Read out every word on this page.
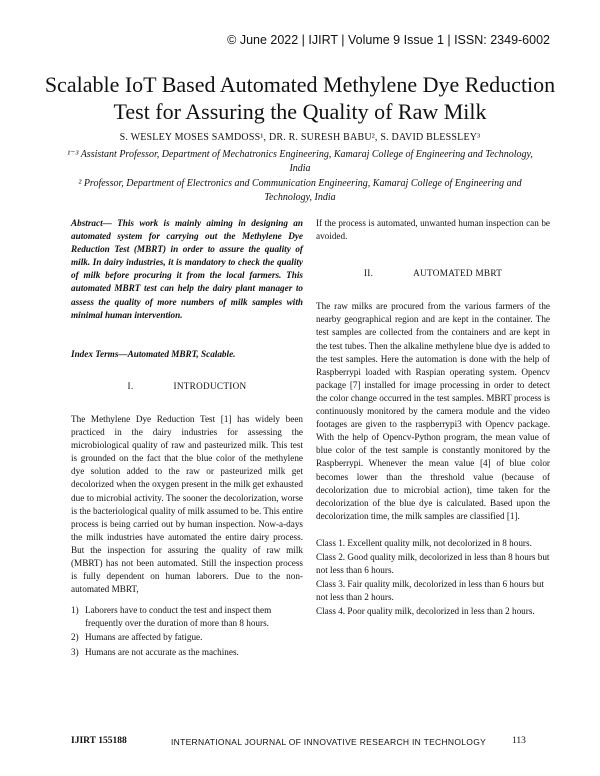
© June 2022 | IJIRT | Volume 9 Issue 1 | ISSN: 2349-6002
Scalable IoT Based Automated Methylene Dye Reduction
Test for Assuring the Quality of Raw Milk
S. WESLEY MOSES SAMDOSS¹, DR. R. SURESH BABU², S. DAVID BLESSLEY³
¹⁻³ Assistant Professor, Department of Mechatronics Engineering, Kamaraj College of Engineering and Technology, India
² Professor, Department of Electronics and Communication Engineering, Kamaraj College of Engineering and Technology, India

Abstract— This work is mainly aiming in designing an automated system for carrying out the Methylene Dye Reduction Test (MBRT) in order to assure the quality of milk. In dairy industries, it is mandatory to check the quality of milk before procuring it from the local farmers. This automated MBRT test can help the dairy plant manager to assess the quality of more numbers of milk samples with minimal human intervention.

Index Terms—Automated MBRT, Scalable.

I.	INTRODUCTION

The Methylene Dye Reduction Test [1] has widely been practiced in the dairy industries for assessing the microbiological quality of raw and pasteurized milk. This test is grounded on the fact that the blue color of the methylene dye solution added to the raw or pasteurized milk get decolorized when the oxygen present in the milk get exhausted due to microbial activity. The sooner the decolorization, worse is the bacteriological quality of milk assumed to be. This entire process is being carried out by human inspection. Now-a-days the milk industries have automated the entire dairy process. But the inspection for assuring the quality of raw milk (MBRT) has not been automated. Still the inspection process is fully dependent on human laborers. Due to the non-automated MBRT,

1) Laborers have to conduct the test and inspect them frequently over the duration of more than 8 hours.
2) Humans are affected by fatigue.
3) Humans are not accurate as the machines.

If the process is automated, unwanted human inspection can be avoided.

II.	AUTOMATED MBRT

The raw milks are procured from the various farmers of the nearby geographical region and are kept in the container. The test samples are collected from the containers and are kept in the test tubes. Then the alkaline methylene blue dye is added to the test samples. Here the automation is done with the help of Raspberrypi loaded with Raspian operating system. Opencv package [7] installed for image processing in order to detect the color change occurred in the test samples. MBRT process is continuously monitored by the camera module and the video footages are given to the raspberrypi3 with Opencv package. With the help of Opencv-Python program, the mean value of blue color of the test sample is constantly monitored by the Raspberrypi. Whenever the mean value [4] of blue color becomes lower than the threshold value (because of decolorization due to microbial action), time taken for the decolorization of the blue dye is calculated. Based upon the decolorization time, the milk samples are classified [1].

Class 1. Excellent quality milk, not decolorized in 8 hours.
Class 2. Good quality milk, decolorized in less than 8 hours but not less than 6 hours.
Class 3. Fair quality milk, decolorized in less than 6 hours but not less than 2 hours.
Class 4. Poor quality milk, decolorized in less than 2 hours.
IJIRT 155188	INTERNATIONAL JOURNAL OF INNOVATIVE RESEARCH IN TECHNOLOGY	113
